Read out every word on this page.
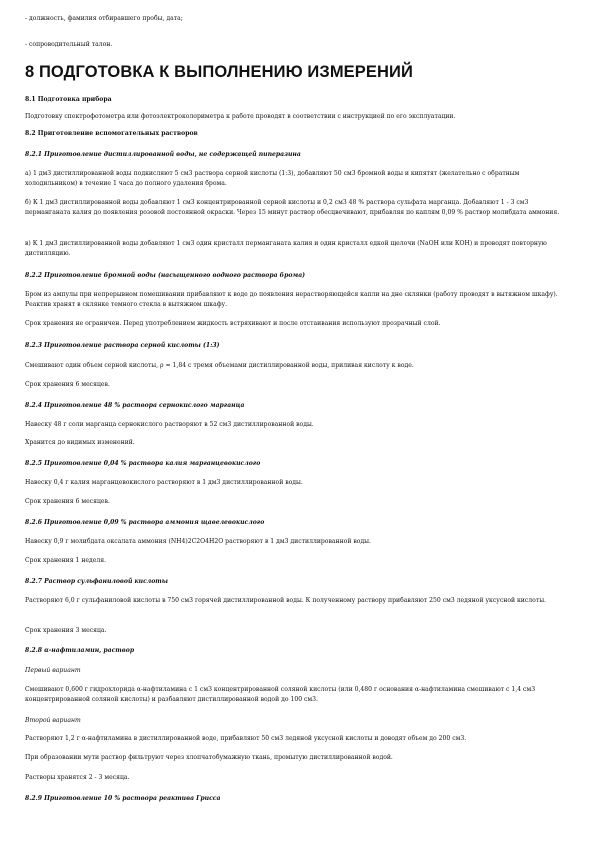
- должность, фамилия отбиравшего пробы, дата;

- сопроводительный талон.

8 ПОДГОТОВКА К ВЫПОЛНЕНИЮ ИЗМЕРЕНИЙ

8.1 Подготовка прибора

Подготовку спектрофотометра или фотоэлектроколориметра к работе проводят в соответствии с инструкцией по его эксплуатации.

8.2 Приготовление вспомогательных растворов

8.2.1 Приготовление дистиллированной воды, не содержащей пиперазина

а) 1 дм3 дистиллированной воды подкисляют 5 см3 раствора серной кислоты (1:3), добавляют 50 см3 бромной воды и кипятят (желательно с обратным холодильником) в течение 1 часа до полного удаления брома.

б) К 1 дм3 дистиллированной воды добавляют 1 см3 концентрированной серной кислоты и 0,2 см3 48 % раствора сульфата марганца. Добавляют 1 - 3 см3 перманганата калия до появления розовой постоянной окраски. Через 15 минут раствор обесцвечивают, прибавляя по каплям 0,09 % раствор молибдата аммония.

в) К 1 дм3 дистиллированной воды добавляют 1 см3 один кристалл перманганата калия и один кристалл едкой щелочи (NaOH или КОН) и проводят повторную дистилляцию.

8.2.2 Приготовление бромной воды (насыщенного водного раствора брома)

Бром из ампулы при непрерывном помешивании прибавляют к воде до появления нерастворяющейся капли на дне склянки (работу проводят в вытяжном шкафу). Реактив хранят в склянке темного стекла в вытяжном шкафу.

Срок хранения не ограничен. Перед употреблением жидкость встряхивают и после отстаивания используют прозрачный слой.

8.2.3 Приготовление раствора серной кислоты (1:3)

Смешивают один объем серной кислоты, ρ = 1,84 с тремя объемами дистиллированной воды, приливая кислоту к воде.

Срок хранения 6 месяцев.

8.2.4 Приготовление 48 % раствора сернокислого марганца

Навеску 48 г соли марганца сернокислого растворяют в 52 см3 дистиллированной воды.

Хранится до видимых изменений.

8.2.5 Приготовление 0,04 % раствора калия марганцевокислого

Навеску 0,4 г калия марганцевокислого растворяют в 1 дм3 дистиллированной воды.

Срок хранения 6 месяцев.

8.2.6 Приготовление 0,09 % раствора аммония щавелевокислого

Навеску 0,9 г молибдата оксалата аммония (NH4)2C2O4H2O растворяют в 1 дм3 дистиллированной воды.

Срок хранения 1 неделя.

8.2.7 Раствор сульфаниловой кислоты

Растворяют 6,0 г сульфаниловой кислоты в 750 см3 горячей дистиллированной воды. К полученному раствору прибавляют 250 см3 ледяной уксусной кислоты.

Срок хранения 3 месяца.

8.2.8 α-нафтиламин, раствор

Первый вариант

Смешивают 0,600 г гидрохлорида α-нафтиламина с 1 см3 концентрированной соляной кислоты (или 0,480 г основания α-нафтиламина смешивают с 1,4 см3 концентрированной соляной кислоты) и разбавляют дистиллированной водой до 100 см3.

Второй вариант

Растворяют 1,2 г α-нафтиламина в дистиллированной воде, прибавляют 50 см3 ледяной уксусной кислоты и доводят объем до 200 см3.

При образовании мути раствор фильтруют через хлопчатобумажную ткань, промытую дистиллированной водой.

Растворы хранятся 2 - 3 месяца.

8.2.9 Приготовление 10 % раствора реактива Грисса
